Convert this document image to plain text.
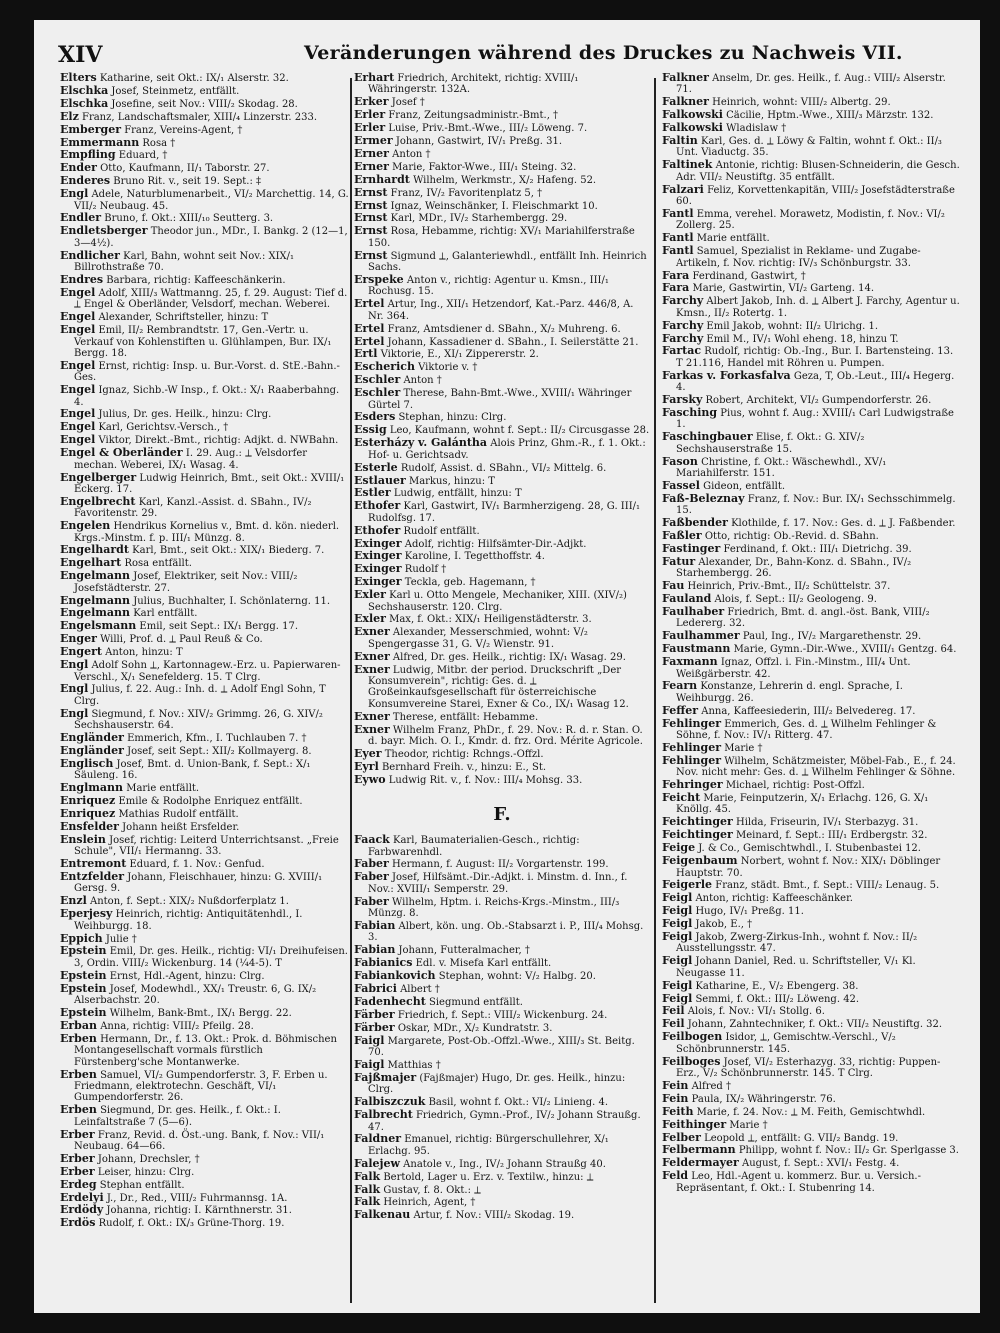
XIV	Veränderungen während des Druckes zu Nachweis VII.
Elters Katharine, seit Okt.: IX/₁ Alserstr. 32.
Elschka Josef, Steinmetz, entfällt.
Elschka Josefine, seit Nov.: VIII/₂ Skodag. 28.
Elz Franz, Landschaftsmaler, XIII/₄ Linzerstr. 233.
Emberger Franz, Vereins-Agent, †
Emmermann Rosa †
Empfling Eduard, †
Ender Otto, Kaufmann, II/₁ Taborstr. 27.
Enderes Bruno Rit. v., seit 19. Sept.: ‡
Engl Adele, Naturblumenarbeit., VI/₂ Marchettig. 14, G. VII/₂ Neubaug. 45.
Endler Bruno, f. Okt.: XIII/₁₀ Seutterg. 3.
Endletsberger Theodor jun., MDr., I. Bankg. 2 (12—1, 3—4½).
Endlicher Karl, Bahn, wohnt seit Nov.: XIX/₁ Billrothstraße 70.
Endres Barbara, richtig: Kaffeeschänkerin.
Engel Adolf, XIII/₃ Wattmanng. 25, f. 29. August: Tief d. ⟂ Engel & Oberländer, Velsdorf, mechan. Weberei.
Engel Alexander, Schriftsteller, hinzu: T
Engel Emil, II/₂ Rembrandtstr. 17, Gen.-Vertr. u. Verkauf von Kohlenstiften u. Glühlampen, Bur. IX/₁ Bergg. 18.
Engel Ernst, richtig: Insp. u. Bur.-Vorst. d. StE.-Bahn.-Ges.
Engel Ignaz, Sichb.-W Insp., f. Okt.: X/₁ Raaberbahng. 4.
Engel Julius, Dr. ges. Heilk., hinzu: Clrg.
Engel Karl, Gerichtsv.-Versch., †
Engel Viktor, Direkt.-Bmt., richtig: Adjkt. d. NWBahn.
Engel & Oberländer I. 29. Aug.: ⟂ Velsdorfer mechan. Weberei, IX/₁ Wasag. 4.
Engelberger Ludwig Heinrich, Bmt., seit Okt.: XVIII/₁ Eckerg. 17.
Engelbrecht Karl, Kanzl.-Assist. d. SBahn., IV/₂ Favoritenstr. 29.
Engelen Hendrikus Kornelius v., Bmt. d. kön. niederl. Krgs.-Minstm. f. p. III/₁ Münzg. 8.
Engelhardt Karl, Bmt., seit Okt.: XIX/₁ Biederg. 7.
Engelhart Rosa entfällt.
Engelmann Josef, Elektriker, seit Nov.: VIII/₂ Josefstädterstr. 27.
Engelmann Julius, Buchhalter, I. Schönlaterng. 11.
Engelmann Karl entfällt.
Engelsmann Emil, seit Sept.: IX/₁ Bergg. 17.
Enger Willi, Prof. d. ⟂ Paul Reuß & Co.
Engert Anton, hinzu: T
Engl Adolf Sohn ⟂, Kartonnagew.-Erz. u. Papierwaren-Verschl., X/₁ Senefelderg. 15. T Clrg.
Engl Julius, f. 22. Aug.: Inh. d. ⟂ Adolf Engl Sohn, T Clrg.
Engl Siegmund, f. Nov.: XIV/₂ Grimmg. 26, G. XIV/₂ Sechshauserstr. 64.
Engländer Emmerich, Kfm., I. Tuchlauben 7. †
Engländer Josef, seit Sept.: XII/₂ Kollmayerg. 8.
Englisch Josef, Bmt. d. Union-Bank, f. Sept.: X/₁ Säuleng. 16.
Englmann Marie entfällt.
Enriquez Emile & Rodolphe Enriquez entfällt.
Enriquez Mathias Rudolf entfällt.
Ensfelder Johann heißt Ersfelder.
Enslein Josef, richtig: Leiterd Unterrichtsanst. „Freie Schule", VII/₁ Hermanng. 33.
Entremont Eduard, f. 1. Nov.: Genfud.
Entzfelder Johann, Fleischhauer, hinzu: G. XVIII/₁ Gersg. 9.
Enzl Anton, f. Sept.: XIX/₂ Nußdorferplatz 1.
Eperjesy Heinrich, richtig: Antiquitätenhdl., I. Weihburgg. 18.
Eppich Julie †
Epstein Emil, Dr. ges. Heilk., richtig: VI/₁ Dreihufeisen. 3, Ordin. VIII/₂ Wickenburg. 14 (¼4-5). T
Epstein Ernst, Hdl.-Agent, hinzu: Clrg.
Epstein Josef, Modewhdl., XX/₁ Treustr. 6, G. IX/₂ Alserbachstr. 20.
Epstein Wilhelm, Bank-Bmt., IX/₁ Bergg. 22.
Erban Anna, richtig: VIII/₂ Pfeilg. 28.
Erben Hermann, Dr., f. 13. Okt.: Prok. d. Böhmischen Montangesellschaft vormals fürstlich Fürstenberg'sche Montanwerke.
Erben Samuel, VI/₂ Gumpendorferstr. 3, F. Erben u. Friedmann, elektrotechn. Geschäft, VI/₁ Gumpendorferstr. 26.
Erben Siegmund, Dr. ges. Heilk., f. Okt.: I. Leinfaltstraße 7 (5—6).
Erber Franz, Revid. d. Öst.-ung. Bank, f. Nov.: VII/₁ Neubaug. 64—66.
Erber Johann, Drechsler, †
Erber Leiser, hinzu: Clrg.
Erdeg Stephan entfällt.
Erdelyi J., Dr., Red., VIII/₂ Fuhrmannsg. 1A.
Erdödy Johanna, richtig: I. Kärnthnerstr. 31.
Erdös Rudolf, f. Okt.: IX/₃ Grüne-Thorg. 19.
Erhart Friedrich, Architekt, richtig: XVIII/₁ Währingerstr. 132A.
Erker Josef †
Erler Franz, Zeitungsadministr.-Bmt., †
Erler Luise, Priv.-Bmt.-Wwe., III/₂ Löweng. 7.
Ermer Johann, Gastwirt, IV/₁ Preßg. 31.
Erner Anton †
Erner Marie, Faktor-Wwe., III/₁ Steing. 32.
Ernhardt Wilhelm, Werkmstr., X/₂ Hafeng. 52.
Ernst Franz, IV/₂ Favoritenplatz 5, †
Ernst Ignaz, Weinschänker, I. Fleischmarkt 10.
Ernst Karl, MDr., IV/₂ Starhembergg. 29.
Ernst Rosa, Hebamme, richtig: XV/₁ Mariahilferstraße 150.
Ernst Sigmund ⟂, Galanteriewhdl., entfällt Inh. Heinrich Sachs.
Erspeke Anton v., richtig: Agentur u. Kmsn., III/₁ Rochusg. 15.
Ertel Artur, Ing., XII/₁ Hetzendorf, Kat.-Parz. 446/8, A. Nr. 364.
Ertel Franz, Amtsdiener d. SBahn., X/₂ Muhreng. 6.
Ertel Johann, Kassadiener d. SBahn., I. Seilerstätte 21.
Ertl Viktorie, E., XI/₁ Zippererstr. 2.
Escherich Viktorie v. †
Eschler Anton †
Eschler Therese, Bahn-Bmt.-Wwe., XVIII/₁ Währinger Gürtel 7.
Esders Stephan, hinzu: Clrg.
Essig Leo, Kaufmann, wohnt f. Sept.: II/₂ Circusgasse 28.
Esterházy v. Galántha Alois Prinz, Ghm.-R., f. 1. Okt.: Hof- u. Gerichtsadv.
Esterle Rudolf, Assist. d. SBahn., VI/₂ Mittelg. 6.
Estlauer Markus, hinzu: T
Estler Ludwig, entfällt, hinzu: T
Ethofer Karl, Gastwirt, IV/₁ Barmherzigeng. 28, G. III/₁ Rudolfsg. 17.
Ethofer Rudolf entfällt.
Exinger Adolf, richtig: Hilfsämter-Dir.-Adjkt.
Exinger Karoline, I. Tegetthoffstr. 4.
Exinger Rudolf †
Exinger Teckla, geb. Hagemann, †
Exler Karl u. Otto Mengele, Mechaniker, XIII. (XIV/₂) Sechshauserstr. 120. Clrg.
Exler Max, f. Okt.: XIX/₁ Heiligenstädterstr. 3.
Exner Alexander, Messerschmied, wohnt: V/₂ Spengergasse 31, G. V/₂ Wienstr. 91.
Exner Alfred, Dr. ges. Heilk., richtig: IX/₁ Wasag. 29.
Exner Ludwig, Mitbr. der period. Druckschrift „Der Konsumverein", richtig: Ges. d. ⟂ Großeinkaufsgesellschaft für österreichische Konsumvereine Starei, Exner & Co., IX/₁ Wasag 12.
Exner Therese, entfällt: Hebamme.
Exner Wilhelm Franz, PhDr., f. 29. Nov.: R. d. r. Stan. O. d. bayr. Mich. O. I., Kmdr. d. frz. Ord. Mérite Agricole.
Eyer Theodor, richtig: Rchngs.-Offzl.
Eyrl Bernhard Freih. v., hinzu: E., St.
Eywo Ludwig Rit. v., f. Nov.: III/₄ Mohsg. 33.
F.
Faack Karl, Baumaterialien-Gesch., richtig: Farbwarenhdl.
Faber Hermann, f. August: II/₂ Vorgartenstr. 199.
Faber Josef, Hilfsämt.-Dir.-Adjkt. i. Minstm. d. Inn., f. Nov.: XVIII/₁ Semperstr. 29.
Faber Wilhelm, Hptm. i. Reichs-Krgs.-Minstm., III/₃ Münzg. 8.
Fabian Albert, kön. ung. Ob.-Stabsarzt i. P., III/₄ Mohsg. 3.
Fabian Johann, Futteralmacher, †
Fabianics Edl. v. Misefa Karl entfällt.
Fabiankovich Stephan, wohnt: V/₂ Halbg. 20.
Fabrici Albert †
Fadenhecht Siegmund entfällt.
Färber Friedrich, f. Sept.: VIII/₂ Wickenburg. 24.
Färber Oskar, MDr., X/₂ Kundratstr. 3.
Faigl Margarete, Post-Ob.-Offzl.-Wwe., XIII/₃ St. Beitg. 70.
Faigl Matthias †
Fajßmajer (Fajßmajer) Hugo, Dr. ges. Heilk., hinzu: Clrg.
Falbiszczuk Basil, wohnt f. Okt.: VI/₂ Linieng. 4.
Falbrecht Friedrich, Gymn.-Prof., IV/₂ Johann Straußg. 47.
Faldner Emanuel, richtig: Bürgerschullehrer, X/₁ Erlachg. 95.
Falejew Anatole v., Ing., IV/₂ Johann Straußg 40.
Falk Bertold, Lager u. Erz. v. Textilw., hinzu: ⟂
Falk Gustav, f. 8. Okt.: ⟂
Falk Heinrich, Agent, †
Falkenau Artur, f. Nov.: VIII/₂ Skodag. 19.
Falkner Anselm, Dr. ges. Heilk., f. Aug.: VIII/₂ Alserstr. 71.
Falkner Heinrich, wohnt: VIII/₂ Albertg. 29.
Falkowski Cäcilie, Hptm.-Wwe., XIII/₃ Märzstr. 132.
Falkowski Wladislaw †
Faltin Karl, Ges. d. ⟂ Löwy & Faltin, wohnt f. Okt.: II/₃ Unt. Viaductg. 35.
Faltinek Antonie, richtig: Blusen-Schneiderin, die Gesch. Adr. VII/₂ Neustiftg. 35 entfällt.
Falzari Feliz, Korvettenkapitän, VIII/₂ Josefstädterstraße 60.
Fantl Emma, verehel. Morawetz, Modistin, f. Nov.: VI/₂ Zollerg. 25.
Fantl Marie entfällt.
Fantl Samuel, Spezialist in Reklame- und Zugabe-Artikeln, f. Nov. richtig: IV/₃ Schönburgstr. 33.
Fara Ferdinand, Gastwirt, †
Fara Marie, Gastwirtin, VI/₂ Garteng. 14.
Farchy Albert Jakob, Inh. d. ⟂ Albert J. Farchy, Agentur u. Kmsn., II/₂ Rotertg. 1.
Farchy Emil Jakob, wohnt: II/₂ Ulrichg. 1.
Farchy Emil M., IV/₁ Wohl eheng. 18, hinzu T.
Fartac Rudolf, richtig: Ob.-Ing., Bur. I. Bartensteing. 13. T 21.116, Handel mit Röhren u. Pumpen.
Farkas v. Forkasfalva Geza, T, Ob.-Leut., III/₄ Hegerg. 4.
Farsky Robert, Architekt, VI/₂ Gumpendorferstr. 26.
Fasching Pius, wohnt f. Aug.: XVIII/₁ Carl Ludwigstraße 1.
Faschingbauer Elise, f. Okt.: G. XIV/₂ Sechshauserstraße 15.
Fason Christine, f. Okt.: Wäschewhdl., XV/₁ Mariahilferstr. 151.
Fassel Gideon, entfällt.
Faß-Beleznay Franz, f. Nov.: Bur. IX/₁ Sechsschimmelg. 15.
Faßbender Klothilde, f. 17. Nov.: Ges. d. ⟂ J. Faßbender.
Faßler Otto, richtig: Ob.-Revid. d. SBahn.
Fastinger Ferdinand, f. Okt.: III/₁ Dietrichg. 39.
Fatur Alexander, Dr., Bahn-Konz. d. SBahn., IV/₂ Starhembergg. 26.
Fau Heinrich, Priv.-Bmt., II/₂ Schüttelstr. 37.
Fauland Alois, f. Sept.: II/₂ Geologeng. 9.
Faulhaber Friedrich, Bmt. d. angl.-öst. Bank, VIII/₂ Ledererg. 32.
Faulhammer Paul, Ing., IV/₂ Margarethenstr. 29.
Faustmann Marie, Gymn.-Dir.-Wwe., XVIII/₁ Gentzg. 64.
Faxmann Ignaz, Offzl. i. Fin.-Minstm., III/₄ Unt. Weißgärberstr. 42.
Fearn Konstanze, Lehrerin d. engl. Sprache, I. Weihburgg. 26.
Feffer Anna, Kaffeesiederin, III/₂ Belvedereg. 17.
Fehlinger Emmerich, Ges. d. ⟂ Wilhelm Fehlinger & Söhne, f. Nov.: IV/₁ Ritterg. 47.
Fehlinger Marie †
Fehlinger Wilhelm, Schätzmeister, Möbel-Fab., E., f. 24. Nov. nicht mehr: Ges. d. ⟂ Wilhelm Fehlinger & Söhne.
Fehringer Michael, richtig: Post-Offzl.
Feicht Marie, Feinputzerin, X/₁ Erlachg. 126, G. X/₁ Knöllg. 45.
Feichtinger Hilda, Friseurin, IV/₁ Sterbazyg. 31.
Feichtinger Meinard, f. Sept.: III/₁ Erdbergstr. 32.
Feige J. & Co., Gemischtwhdl., I. Stubenbastei 12.
Feigenbaum Norbert, wohnt f. Nov.: XIX/₁ Döblinger Hauptstr. 70.
Feigerle Franz, städt. Bmt., f. Sept.: VIII/₂ Lenaug. 5.
Feigl Anton, richtig: Kaffeeschänker.
Feigl Hugo, IV/₁ Preßg. 11.
Feigl Jakob, E., †
Feigl Jakob, Zwerg-Zirkus-Inh., wohnt f. Nov.: II/₂ Ausstellungsstr. 47.
Feigl Johann Daniel, Red. u. Schriftsteller, V/₁ Kl. Neugasse 11.
Feigl Katharine, E., V/₂ Ebengerg. 38.
Feigl Semmi, f. Okt.: III/₂ Löweng. 42.
Feil Alois, f. Nov.: VI/₁ Stollg. 6.
Feil Johann, Zahntechniker, f. Okt.: VII/₂ Neustiftg. 32.
Feilbogen Isidor, ⟂, Gemischtw.-Verschl., V/₂ Schönbrunnerstr. 145.
Feilboges Josef, VI/₂ Esterhazyg. 33, richtig: Puppen-Erz., V/₂ Schönbrunnerstr. 145. T Clrg.
Fein Alfred †
Fein Paula, IX/₂ Währingerstr. 76.
Feith Marie, f. 24. Nov.: ⟂ M. Feith, Gemischtwhdl.
Feithinger Marie †
Felber Leopold ⟂, entfällt: G. VII/₂ Bandg. 19.
Felbermann Philipp, wohnt f. Nov.: II/₂ Gr. Sperlgasse 3.
Feldermayer August, f. Sept.: XVI/₁ Festg. 4.
Feld Leo, Hdl.-Agent u. kommerz. Bur. u. Versich.-Repräsentant, f. Okt.: I. Stubenring 14.
